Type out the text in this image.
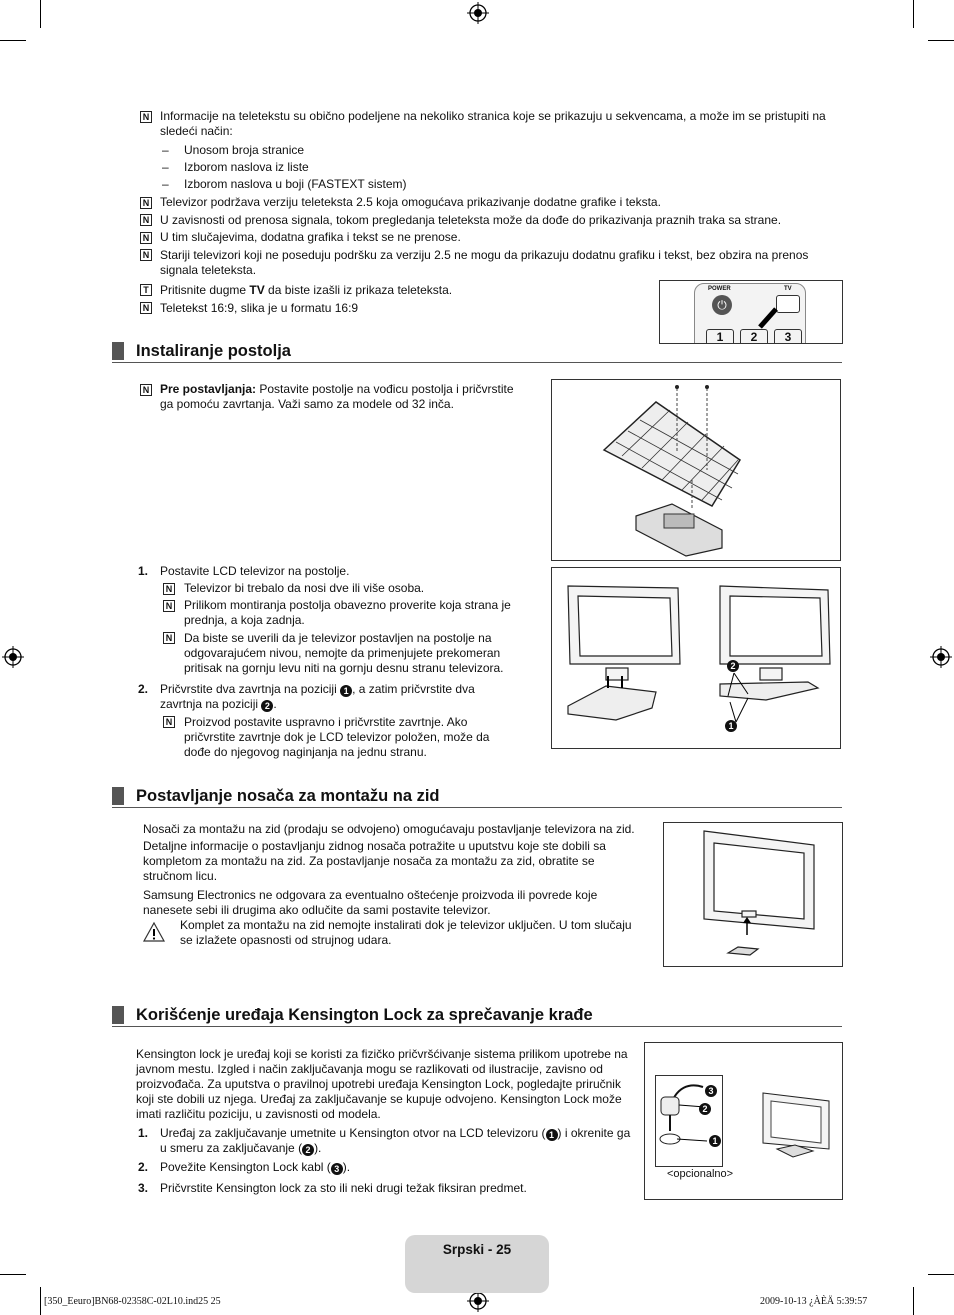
N Informacije na teletekstu su obično podeljene na nekoliko stranica koje se prikazuju u sekvencama, a može im se pristupiti na sledeći način:
– Unosom broja stranice
– Izborom naslova iz liste
– Izborom naslova u boji (FASTEXT sistem)
N Televizor podržava verziju teleteksta 2.5 koja omogućava prikazivanje dodatne grafike i teksta.
N U zavisnosti od prenosa signala, tokom pregledanja teleteksta može da dođe do prikazivanja praznih traka sa strane.
N U tim slučajevima, dodatna grafika i tekst se ne prenose.
N Stariji televizori koji ne poseduju podršku za verziju 2.5 ne mogu da prikazuju dodatnu grafiku i tekst, bez obzira na prenos signala teleteksta.
T Pritisnite dugme TV da biste izašli iz prikaza teleteksta.
N Teletekst 16:9, slika je u formatu 16:9
POWER
⏻
TV
1	2	3
Instaliranje postolja
N Pre postavljanja: Postavite postolje na vođicu postolja i pričvrstite ga pomoću zavrtanja. Važi samo za modele od 32 inča.
1. Postavite LCD televizor na postolje.
N Televizor bi trebalo da nosi dve ili više osoba.
N Prilikom montiranja postolja obavezno proverite koja strana je prednja, a koja zadnja.
N Da biste se uverili da je televizor postavljen na postolje na odgovarajućem nivou, nemojte da primenjujete prekomeran pritisak na gornju levu niti na gornju desnu stranu televizora.
2. Pričvrstite dva zavrtnja na poziciji 1 , a zatim pričvrstite dva zavrtnja na poziciji 2 .
N Proizvod postavite uspravno i pričvrstite zavrtnje. Ako pričvrstite zavrtnje dok je LCD televizor položen, može da dođe do njegovog naginjanja na jednu stranu.
2
1
Postavljanje nosača za montažu na zid
Nosači za montažu na zid (prodaju se odvojeno) omogućavaju postavljanje televizora na zid.
Detaljne informacije o postavljanju zidnog nosača potražite u uputstvu koje ste dobili sa kompletom za montažu na zid. Za postavljanje nosača za montažu za zid, obratite se stručnom licu.
Samsung Electronics ne odgovara za eventualno oštećenje proizvoda ili povrede koje nanesete sebi ili drugima ako odlučite da sami postavite televizor.
Komplet za montažu na zid nemojte instalirati dok je televizor uključen. U tom slučaju se izlažete opasnosti od strujnog udara.
Korišćenje uređaja Kensington Lock za sprečavanje krađe
Kensington lock je uređaj koji se koristi za fizičko pričvršćivanje sistema prilikom upotrebe na javnom mestu. Izgled i način zaključavanja mogu se razlikovati od ilustracije, zavisno od proizvođača. Za uputstva o pravilnoj upotrebi uređaja Kensington Lock, pogledajte priručnik koji ste dobili uz njega. Uređaj za zaključavanje se kupuje odvojeno. Kensington Lock može imati različitu poziciju, u zavisnosti od modela.
1. Uređaj za zaključavanje umetnite u Kensington otvor na LCD televizoru ( 1 ) i okrenite ga u smeru za zaključavanje ( 2 ).
2. Povežite Kensington Lock kabl ( 3 ).
3. Pričvrstite Kensington lock za sto ili neki drugi težak fiksiran predmet.
3
2
1
<opcionalno>
Srpski - 25
[350_Eeuro]BN68-02358C-02L10.ind25 25	2009-10-13 ¿ÀÈÄ 5:39:57
